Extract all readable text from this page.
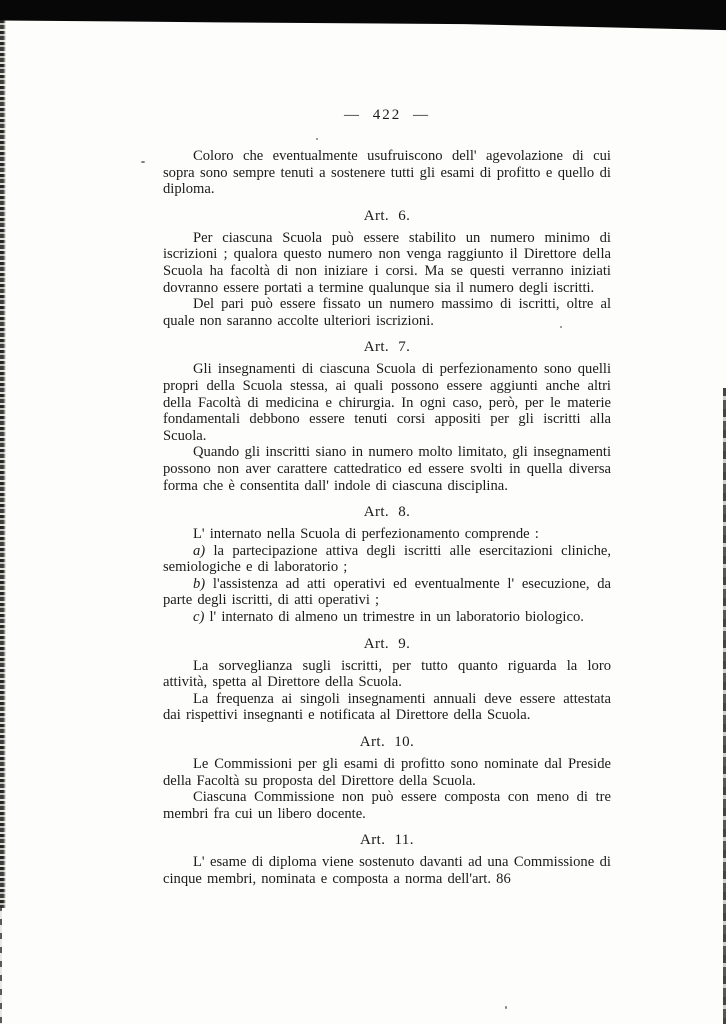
— 422 —

Coloro che eventualmente usufruiscono dell' agevolazione di cui sopra sono sempre tenuti a sostenere tutti gli esami di profitto e quello di diploma.

Art. 6.

Per ciascuna Scuola può essere stabilito un numero minimo di iscrizioni ; qualora questo numero non venga raggiunto il Direttore della Scuola ha facoltà di non iniziare i corsi. Ma se questi verranno iniziati dovranno essere portati a termine qualunque sia il numero degli iscritti.

Del pari può essere fissato un numero massimo di iscritti, oltre al quale non saranno accolte ulteriori iscrizioni.

Art. 7.

Gli insegnamenti di ciascuna Scuola di perfezionamento sono quelli propri della Scuola stessa, ai quali possono essere aggiunti anche altri della Facoltà di medicina e chirurgia. In ogni caso, però, per le materie fondamentali debbono essere tenuti corsi appositi per gli iscritti alla Scuola.

Quando gli inscritti siano in numero molto limitato, gli insegnamenti possono non aver carattere cattedratico ed essere svolti in quella diversa forma che è consentita dall' indole di ciascuna disciplina.

Art. 8.

L' internato nella Scuola di perfezionamento comprende :

a) la partecipazione attiva degli iscritti alle esercitazioni cliniche, semiologiche e di laboratorio ;

b) l'assistenza ad atti operativi ed eventualmente l' esecuzione, da parte degli iscritti, di atti operativi ;

c) l' internato di almeno un trimestre in un laboratorio biologico.

Art. 9.

La sorveglianza sugli iscritti, per tutto quanto riguarda la loro attività, spetta al Direttore della Scuola.

La frequenza ai singoli insegnamenti annuali deve essere attestata dai rispettivi insegnanti e notificata al Direttore della Scuola.

Art. 10.

Le Commissioni per gli esami di profitto sono nominate dal Preside della Facoltà su proposta del Direttore della Scuola.

Ciascuna Commissione non può essere composta con meno di tre membri fra cui un libero docente.

Art. 11.

L' esame di diploma viene sostenuto davanti ad una Commissione di cinque membri, nominata e composta a norma dell'art. 86
